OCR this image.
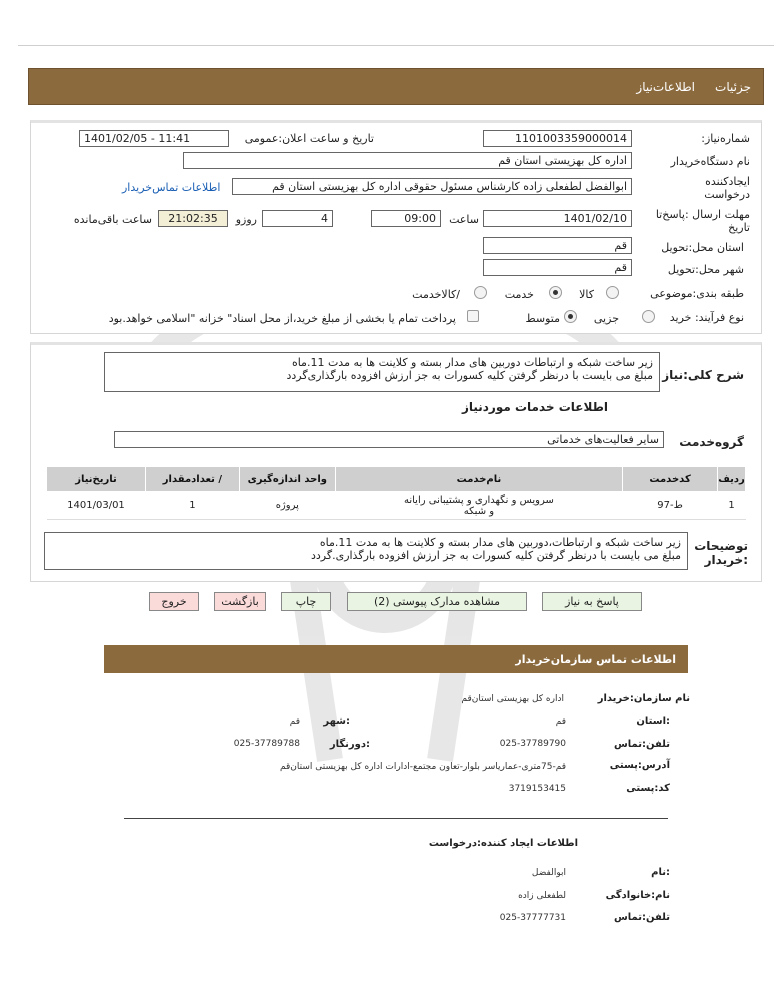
جزئیات
اطلاعات‌نیاز
شماره‌نیاز:
1101003359000014
تاریخ و ساعت اعلان:عمومی
1401/02/05 - 11:41
نام دستگاه‌خریدار
اداره کل بهزیستی استان قم
ایجادکننده
درخواست
ابوالفضل لطفعلی زاده کارشناس مسئول حقوقی اداره کل بهزیستی استان قم
اطلاعات تماس‌خریدار
مهلت ارسال :پاسخ‌تا
تاریخ
1401/02/10
ساعت
09:00
4
روزو
21:02:35
ساعت باقی‌مانده
استان محل:تحویل
قم
شهر محل:تحویل
قم
طبقه بندی:موضوعی
کالا
خدمت
/کالاخدمت
نوع فرآیند: خرید
جزیی
متوسط
پرداخت تمام یا بخشی از مبلغ خرید،از محل اسناد" خزانه "اسلامی خواهد.بود
شرح کلی:نیاز
زیر ساخت شبکه و ارتباطات دوربین های مدار بسته و کلاینت ها به مدت 11.ماه
مبلغ می بایست با درنظر گرفتن کلیه کسورات به جز ارزش افزوده بارگذاری‌گردد
اطلاعات خدمات موردنیاز
گروه‌خدمت
سایر فعالیت‌های خدماتی
ردیف	کدخدمت	نام‌خدمت	واحد اندازه‌گیری	/ تعدادمقدار	تاریخ‌نیاز
1	ط-97	سرویس و نگهداری و پشتیبانی رایانه
و شبکه	پروژه	1	1401/03/01
توضیحات
:خریدار
زیر ساخت شبکه و ارتباطات،دوربین های مدار بسته و کلاینت ها به مدت 11.ماه
مبلغ می بایست با درنظر گرفتن کلیه کسورات به جز ارزش افزوده بارگذاری.گردد
پاسخ به نیاز
مشاهده مدارک پیوستی (2)
چاپ
بازگشت
خروج
اطلاعات تماس سازمان‌خریدار
نام سازمان:خریدار
اداره کل بهزیستی استان‌قم
:استان
قم
:شهر
قم
تلفن:تماس
025-37789790
:دورنگار
025-37789788
آدرس:پستی
قم-75متری-عمارياسر بلوار-تعاون مجتمع-ادارات اداره کل بهزیستی استان‌قم
کد:پستی
3719153415
اطلاعات ایجاد کننده:درخواست
:نام
ابوالفضل
نام:خانوادگی
لطفعلی زاده
تلفن:تماس
025-37777731
